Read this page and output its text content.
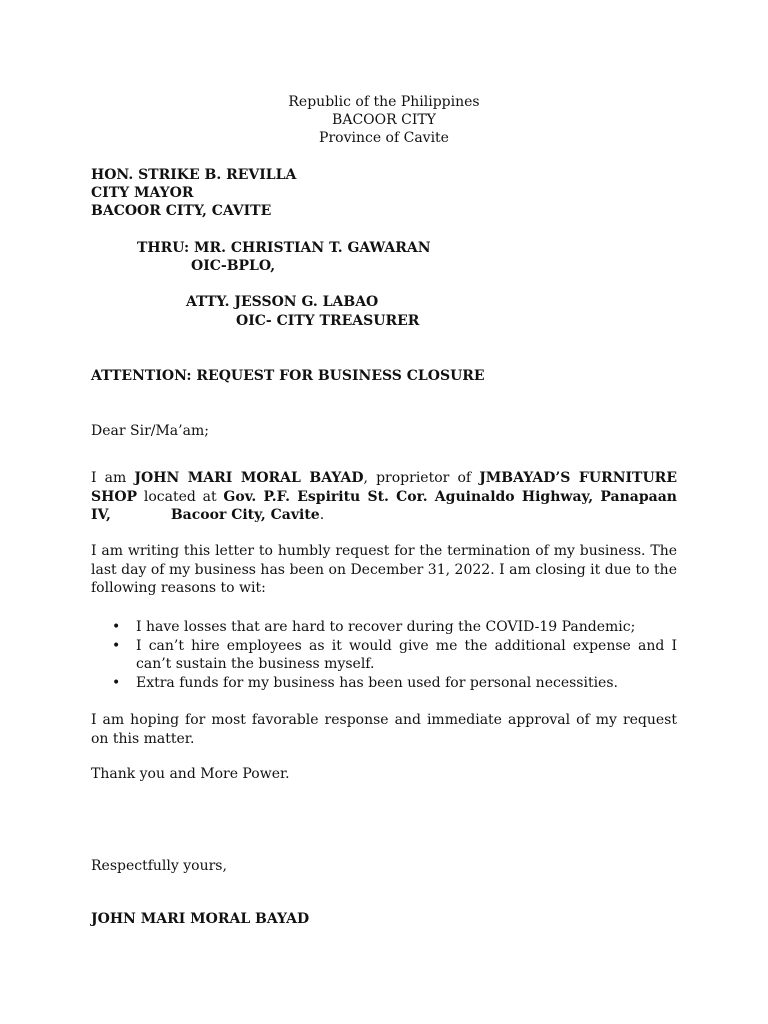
Republic of the Philippines
BACOOR CITY
Province of Cavite
HON. STRIKE B. REVILLA
CITY MAYOR
BACOOR CITY, CAVITE
THRU: MR. CHRISTIAN T. GAWARAN
OIC-BPLO,
ATTY. JESSON G. LABAO
OIC- CITY TREASURER
ATTENTION: REQUEST FOR BUSINESS CLOSURE
Dear Sir/Ma’am;
I am JOHN MARI MORAL BAYAD, proprietor of JMBAYAD’S FURNITURE SHOP located at Gov. P.F. Espiritu St. Cor. Aguinaldo Highway, Panapaan IV,	Bacoor City, Cavite.
I am writing this letter to humbly request for the termination of my business. The last day of my business has been on December 31, 2022. I am closing it due to the following reasons to wit:
• I have losses that are hard to recover during the COVID-19 Pandemic;
• I can’t hire employees as it would give me the additional expense and I can’t sustain the business myself.
• Extra funds for my business has been used for personal necessities.
I am hoping for most favorable response and immediate approval of my request on this matter.
Thank you and More Power.
Respectfully yours,
JOHN MARI MORAL BAYAD
